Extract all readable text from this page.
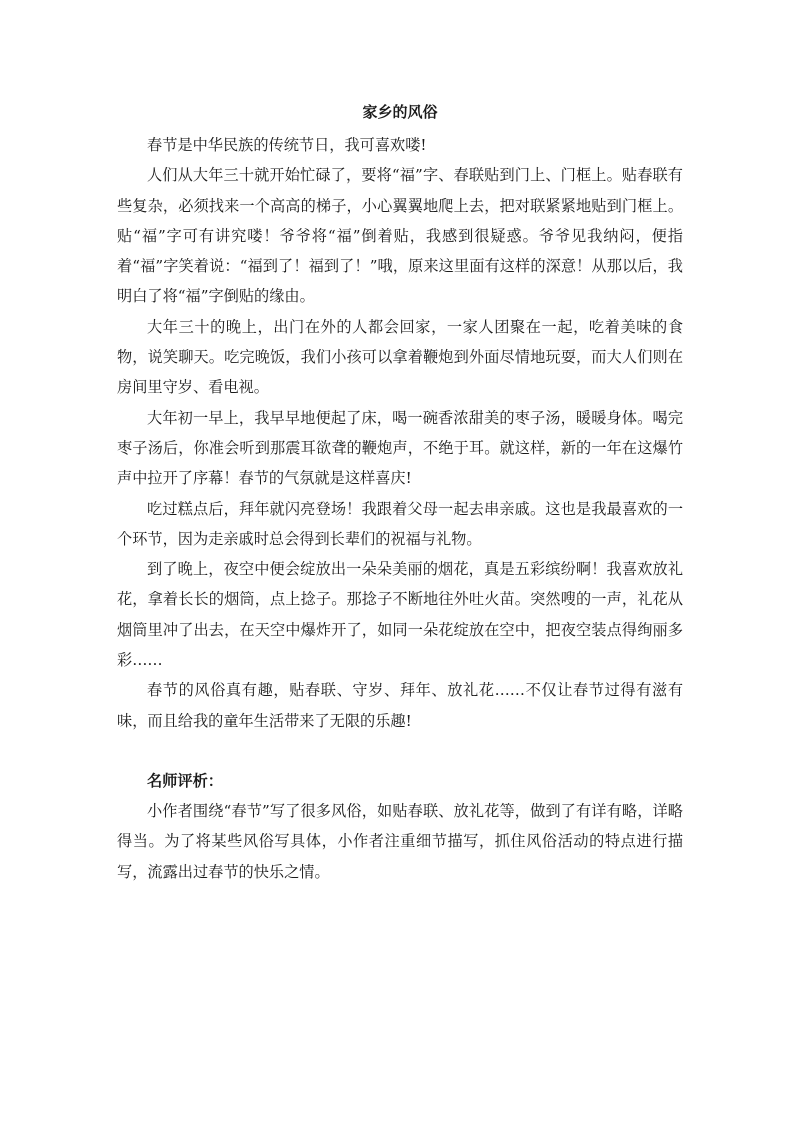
家乡的风俗

春节是中华民族的传统节日，我可喜欢喽!

人们从大年三十就开始忙碌了，要将“福”字、春联贴到门上、门框上。贴春联有些复杂，必须找来一个高高的梯子，小心翼翼地爬上去，把对联紧紧地贴到门框上。贴“福”字可有讲究喽！爷爷将“福”倒着贴，我感到很疑惑。爷爷见我纳闷，便指着“福”字笑着说：“福到了！福到了！”哦，原来这里面有这样的深意！从那以后，我明白了将“福”字倒贴的缘由。

大年三十的晚上，出门在外的人都会回家，一家人团聚在一起，吃着美味的食物，说笑聊天。吃完晚饭，我们小孩可以拿着鞭炮到外面尽情地玩耍，而大人们则在房间里守岁、看电视。

大年初一早上，我早早地便起了床，喝一碗香浓甜美的枣子汤，暖暖身体。喝完枣子汤后，你准会听到那震耳欲聋的鞭炮声，不绝于耳。就这样，新的一年在这爆竹声中拉开了序幕！春节的气氛就是这样喜庆!

吃过糕点后，拜年就闪亮登场！我跟着父母一起去串亲戚。这也是我最喜欢的一个环节，因为走亲戚时总会得到长辈们的祝福与礼物。

到了晚上，夜空中便会绽放出一朵朵美丽的烟花，真是五彩缤纷啊！我喜欢放礼花，拿着长长的烟筒，点上捻子。那捻子不断地往外吐火苗。突然嗖的一声，礼花从烟筒里冲了出去，在天空中爆炸开了，如同一朵花绽放在空中，把夜空装点得绚丽多彩……

春节的风俗真有趣，贴春联、守岁、拜年、放礼花……不仅让春节过得有滋有味，而且给我的童年生活带来了无限的乐趣!

名师评析：

小作者围绕“春节”写了很多风俗，如贴春联、放礼花等，做到了有详有略，详略得当。为了将某些风俗写具体，小作者注重细节描写，抓住风俗活动的特点进行描写，流露出过春节的快乐之情。
